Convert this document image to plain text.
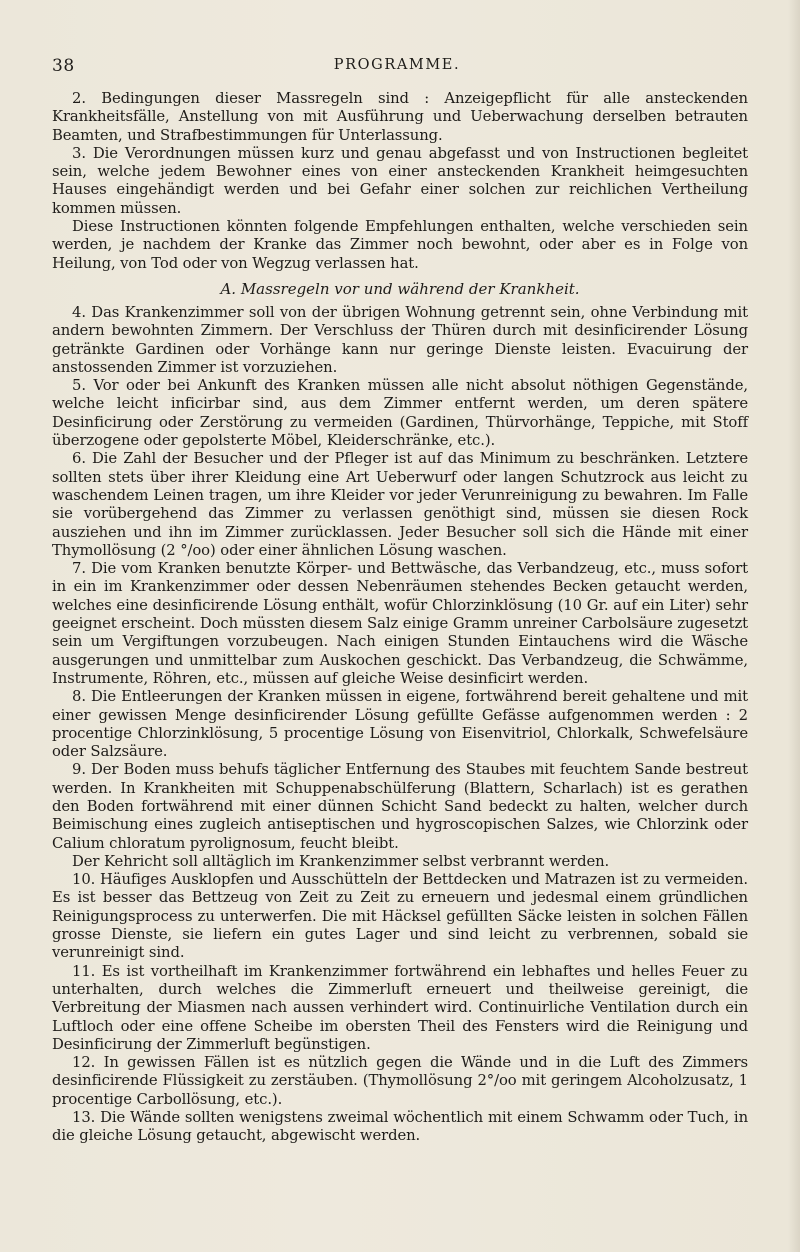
38	PROGRAMME.

2. Bedingungen dieser Massregeln sind : Anzeigepflicht für alle ansteckenden Krankheitsfälle, Anstellung von mit Ausführung und Ueberwachung derselben betrauten Beamten, und Strafbestimmungen für Unterlassung.

3. Die Verordnungen müssen kurz und genau abgefasst und von Instructionen begleitet sein, welche jedem Bewohner eines von einer ansteckenden Krankheit heimgesuchten Hauses eingehändigt werden und bei Gefahr einer solchen zur reichlichen Vertheilung kommen müssen.

Diese Instructionen könnten folgende Empfehlungen enthalten, welche verschieden sein werden, je nachdem der Kranke das Zimmer noch bewohnt, oder aber es in Folge von Heilung, von Tod oder von Wegzug verlassen hat.

A. Massregeln vor und während der Krankheit.

4. Das Krankenzimmer soll von der übrigen Wohnung getrennt sein, ohne Verbindung mit andern bewohnten Zimmern. Der Verschluss der Thüren durch mit desinficirender Lösung getränkte Gardinen oder Vorhänge kann nur geringe Dienste leisten. Evacuirung der anstossenden Zimmer ist vorzuziehen.

5. Vor oder bei Ankunft des Kranken müssen alle nicht absolut nöthigen Gegenstände, welche leicht inficirbar sind, aus dem Zimmer entfernt werden, um deren spätere Desinficirung oder Zerstörung zu vermeiden (Gardinen, Thürvorhänge, Teppiche, mit Stoff überzogene oder gepolsterte Möbel, Kleiderschränke, etc.).

6. Die Zahl der Besucher und der Pfleger ist auf das Minimum zu beschränken. Letztere sollten stets über ihrer Kleidung eine Art Ueberwurf oder langen Schutzrock aus leicht zu waschendem Leinen tragen, um ihre Kleider vor jeder Verunreinigung zu bewahren. Im Falle sie vorübergehend das Zimmer zu verlassen genöthigt sind, müssen sie diesen Rock ausziehen und ihn im Zimmer zurücklassen. Jeder Besucher soll sich die Hände mit einer Thymollösung (2 °/oo) oder einer ähnlichen Lösung waschen.

7. Die vom Kranken benutzte Körper- und Bettwäsche, das Verbandzeug, etc., muss sofort in ein im Krankenzimmer oder dessen Nebenräumen stehendes Becken getaucht werden, welches eine desinficirende Lösung enthält, wofür Chlorzinklösung (10 Gr. auf ein Liter) sehr geeignet erscheint. Doch müssten diesem Salz einige Gramm unreiner Carbolsäure zugesetzt sein um Vergiftungen vorzubeugen. Nach einigen Stunden Eintauchens wird die Wäsche ausgerungen und unmittelbar zum Auskochen geschickt. Das Verbandzeug, die Schwämme, Instrumente, Röhren, etc., müssen auf gleiche Weise desinficirt werden.

8. Die Entleerungen der Kranken müssen in eigene, fortwährend bereit gehaltene und mit einer gewissen Menge desinficirender Lösung gefüllte Gefässe aufgenommen werden : 2 procentige Chlorzinklösung, 5 procentige Lösung von Eisenvitriol, Chlorkalk, Schwefelsäure oder Salzsäure.

9. Der Boden muss behufs täglicher Entfernung des Staubes mit feuchtem Sande bestreut werden. In Krankheiten mit Schuppenabschülferung (Blattern, Scharlach) ist es gerathen den Boden fortwährend mit einer dünnen Schicht Sand bedeckt zu halten, welcher durch Beimischung eines zugleich antiseptischen und hygroscopischen Salzes, wie Chlorzink oder Calium chloratum pyrolignosum, feucht bleibt.

Der Kehricht soll alltäglich im Krankenzimmer selbst verbrannt werden.

10. Häufiges Ausklopfen und Ausschütteln der Bettdecken und Matrazen ist zu vermeiden. Es ist besser das Bettzeug von Zeit zu Zeit zu erneuern und jedesmal einem gründlichen Reinigungsprocess zu unterwerfen. Die mit Häcksel gefüllten Säcke leisten in solchen Fällen grosse Dienste, sie liefern ein gutes Lager und sind leicht zu verbrennen, sobald sie verunreinigt sind.

11. Es ist vortheilhaft im Krankenzimmer fortwährend ein lebhaftes und helles Feuer zu unterhalten, durch welches die Zimmerluft erneuert und theilweise gereinigt, die Verbreitung der Miasmen nach aussen verhindert wird. Continuirliche Ventilation durch ein Luftloch oder eine offene Scheibe im obersten Theil des Fensters wird die Reinigung und Desinficirung der Zimmerluft begünstigen.

12. In gewissen Fällen ist es nützlich gegen die Wände und in die Luft des Zimmers desinficirende Flüssigkeit zu zerstäuben. (Thymollösung 2°/oo mit geringem Alcoholzusatz, 1 procentige Carbollösung, etc.).

13. Die Wände sollten wenigstens zweimal wöchentlich mit einem Schwamm oder Tuch, in die gleiche Lösung getaucht, abgewischt werden.
